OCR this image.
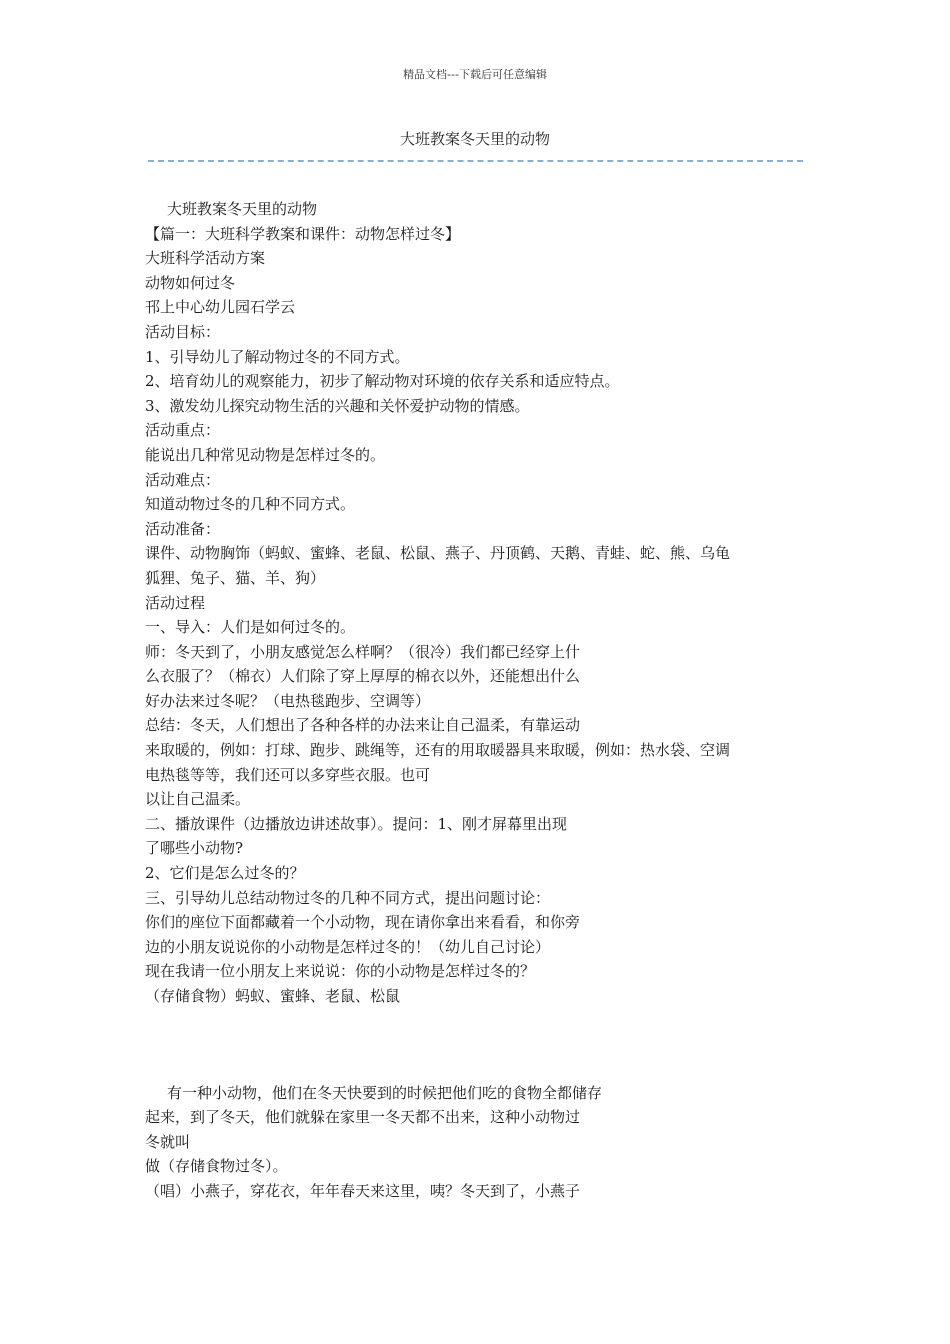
精品文档---下载后可任意编辑
大班教案冬天里的动物

大班教案冬天里的动物

【篇一：大班科学教案和课件：动物怎样过冬】

大班科学活动方案

动物如何过冬

邗上中心幼儿园石学云

活动目标：

1、引导幼儿了解动物过冬的不同方式。

2、培育幼儿的观察能力，初步了解动物对环境的依存关系和适应特点。

3、激发幼儿探究动物生活的兴趣和关怀爱护动物的情感。

活动重点：

能说出几种常见动物是怎样过冬的。

活动难点：

知道动物过冬的几种不同方式。

活动准备：

课件、动物胸饰（蚂蚁、蜜蜂、老鼠、松鼠、燕子、丹顶鹤、天鹅、青蛙、蛇、熊、乌龟

狐狸、兔子、猫、羊、狗）

活动过程

一、导入：人们是如何过冬的。

师：冬天到了，小朋友感觉怎么样啊？（很冷）我们都已经穿上什

么衣服了？（棉衣）人们除了穿上厚厚的棉衣以外，还能想出什么

好办法来过冬呢？（电热毯跑步、空调等）

总结：冬天，人们想出了各种各样的办法来让自己温柔，有靠运动

来取暖的，例如：打球、跑步、跳绳等，还有的用取暖器具来取暖，例如：热水袋、空调

电热毯等等，我们还可以多穿些衣服。也可

以让自己温柔。

二、播放课件（边播放边讲述故事）。提问：1、刚才屏幕里出现

了哪些小动物?

2、它们是怎么过冬的？

三、引导幼儿总结动物过冬的几种不同方式，提出问题讨论：

你们的座位下面都藏着一个小动物，现在请你拿出来看看，和你旁

边的小朋友说说你的小动物是怎样过冬的！（幼儿自己讨论）

现在我请一位小朋友上来说说：你的小动物是怎样过冬的？

（存储食物）蚂蚁、蜜蜂、老鼠、松鼠

有一种小动物，他们在冬天快要到的时候把他们吃的食物全都储存

起来，到了冬天，他们就躲在家里一冬天都不出来，这种小动物过

冬就叫

做（存储食物过冬）。

（唱）小燕子，穿花衣，年年春天来这里，咦？冬天到了，小燕子
